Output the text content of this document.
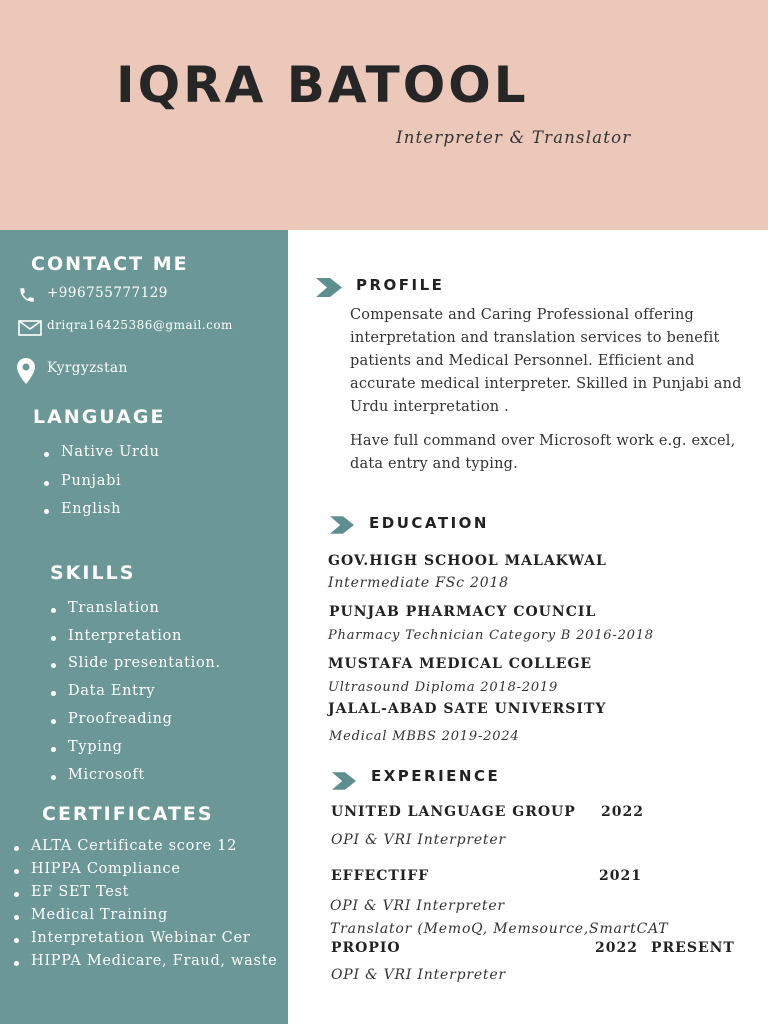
IQRA BATOOL
Interpreter & Translator
CONTACT ME
+996755777129
driqra16425386@gmail.com
Kyrgyzstan
LANGUAGE
Native Urdu
Punjabi
English
SKILLS
Translation
Interpretation
Slide presentation.
Data Entry
Proofreading
Typing
Microsoft
CERTIFICATES
ALTA Certificate score 12
HIPPA Compliance
EF SET Test
Medical Training
Interpretation Webinar Cer
HIPPA Medicare, Fraud, waste
PROFILE
Compensate and Caring Professional offering interpretation and translation services to benefit patients and Medical Personnel. Efficient and accurate medical interpreter. Skilled in Punjabi and Urdu interpretation .
Have full command over Microsoft work e.g. excel, data entry and typing.
EDUCATION
GOV.HIGH SCHOOL MALAKWAL
Intermediate FSc 2018
PUNJAB PHARMACY COUNCIL
Pharmacy Technician Category B 2016-2018
MUSTAFA MEDICAL COLLEGE
Ultrasound Diploma 2018-2019
JALAL-ABAD SATE UNIVERSITY
Medical MBBS 2019-2024
EXPERIENCE
UNITED LANGUAGE GROUP 2022
OPI & VRI Interpreter
EFFECTIFF	2021
OPI & VRI Interpreter
Translator (MemoQ, Memsource,SmartCAT
PROPIO	2022 PRESENT
OPI & VRI Interpreter
